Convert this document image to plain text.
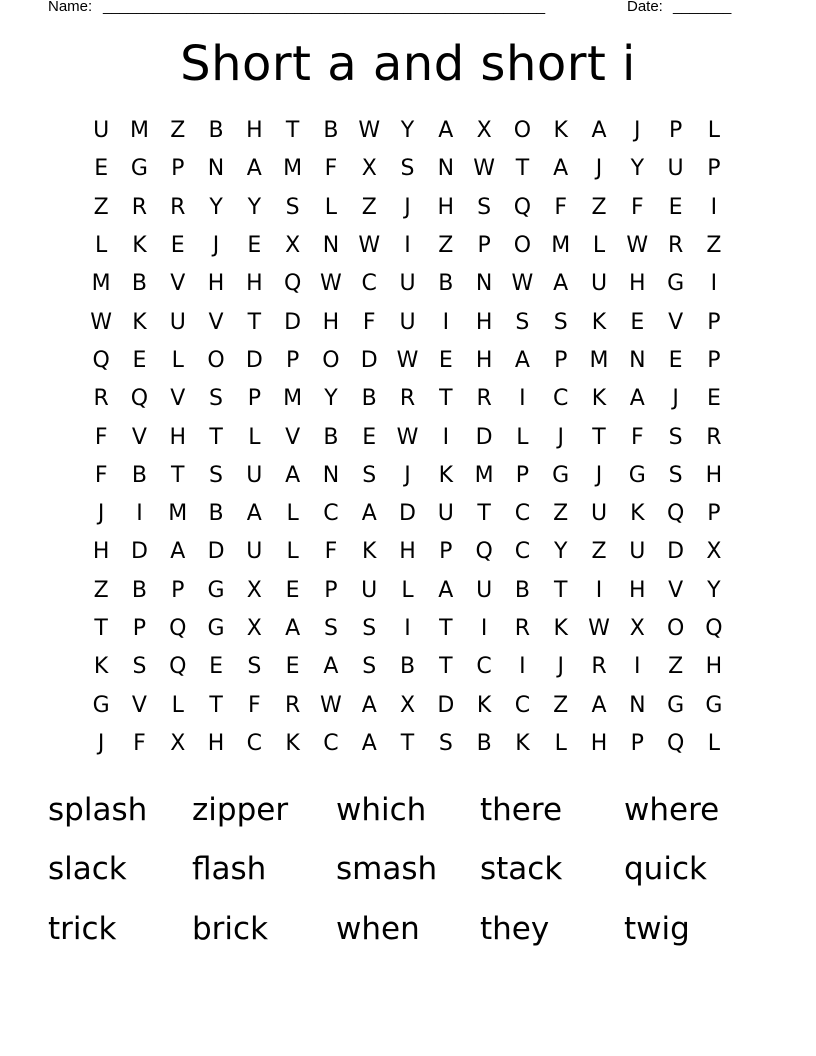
Name: _____________________________________________________	Date: _______
Short a and short i
U M Z	B	H	T	B W Y	A	X	O	K	A	J	P	L
E	G	P	N	A M	F	X	S	N W T	A	J	Y	U	P
Z	R	R	Y	Y	S	L	Z	J	H	S	Q	F	Z	F	E	I
L	K	E	J	E	X	N W	I	Z	P	O M	L W R	Z
M B	V	H H Q W C	U	B	N W A	U H G	I
W K	U	V	T	D H	F	U	I	H	S	S	K	E	V	P
Q	E	L	O D	P	O D W E	H	A	P	M N	E	P
R Q	V	S	P	M	Y	B	R	T	R	I	C	K	A	J	E
F	V	H	T	L	V	B	E W	I	D	L	J	T	F	S	R
F	B	T	S	U	A	N	S	J	K M	P	G	J	G	S	H
J	I	M B	A	L	C	A	D U	T	C	Z	U	K	Q	P
H D	A	D U	L	F	K	H	P	Q C	Y	Z	U D	X
Z	B	P	G	X	E	P	U	L	A	U	B	T	I	H	V	Y
T	P	Q G	X	A	S	S	I	T	I	R	K W X	O Q
K	S	Q	E	S	E	A	S	B	T	C	I	J	R	I	Z	H
G	V	L	T	F	R W A	X	D	K	C	Z	A	N G G
J	F	X	H	C	K	C	A	T	S	B	K	L	H	P	Q	L
splash	zipper	which	there	where
slack	flash	smash	stack	quick
trick	brick	when	they	twig
